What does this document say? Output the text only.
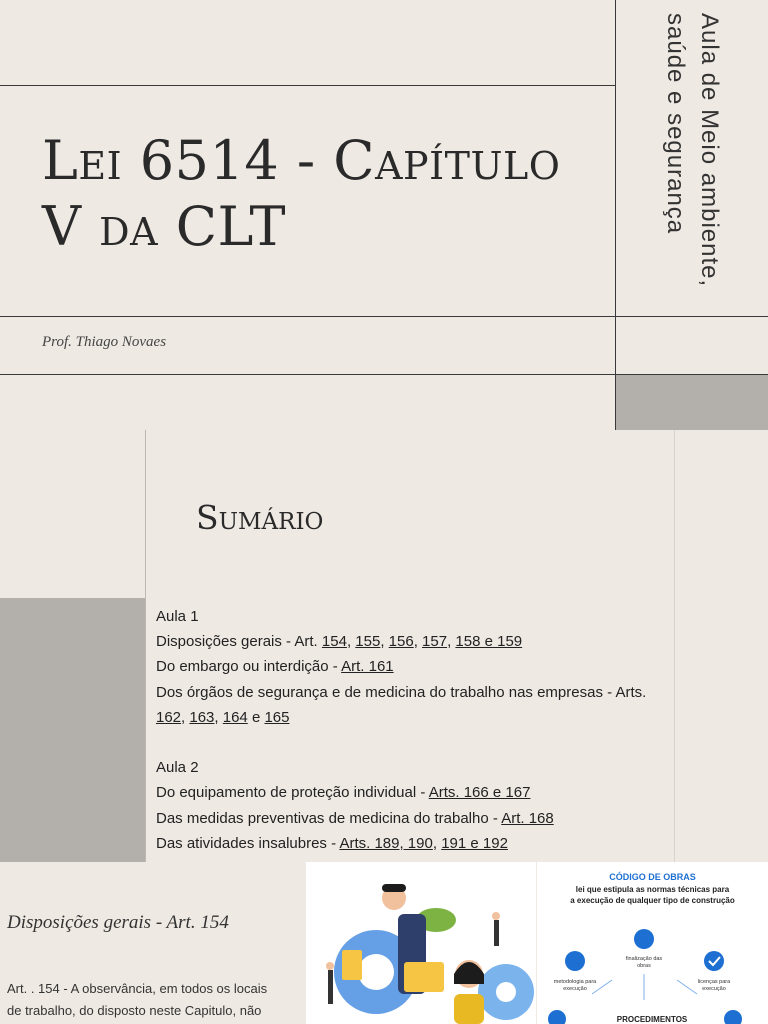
Lei 6514 - Capítulo
V da CLT
Prof. Thiago Novaes
Aula de Meio ambiente, saúde e segurança
Sumário
Aula 1
Disposições gerais - Art. 154, 155, 156, 157, 158 e 159
Do embargo ou interdição - Art. 161
Dos órgãos de segurança e de medicina do trabalho nas empresas - Arts.
162, 163, 164 e 165
Aula 2
Do equipamento de proteção individual - Arts. 166 e 167
Das medidas preventivas de medicina do trabalho - Art. 168
Das atividades insalubres - Arts. 189, 190, 191 e 192
Disposições gerais - Art. 154
Art. . 154 - A observância, em todos os locais
de trabalho, do disposto neste Capitulo, não
CÓDIGO DE OBRAS
lei que estipula as normas técnicas para
a execução de qualquer tipo de construção
metodologia para execução
finalização das obras
licenças para execução
PROCEDIMENTOS
